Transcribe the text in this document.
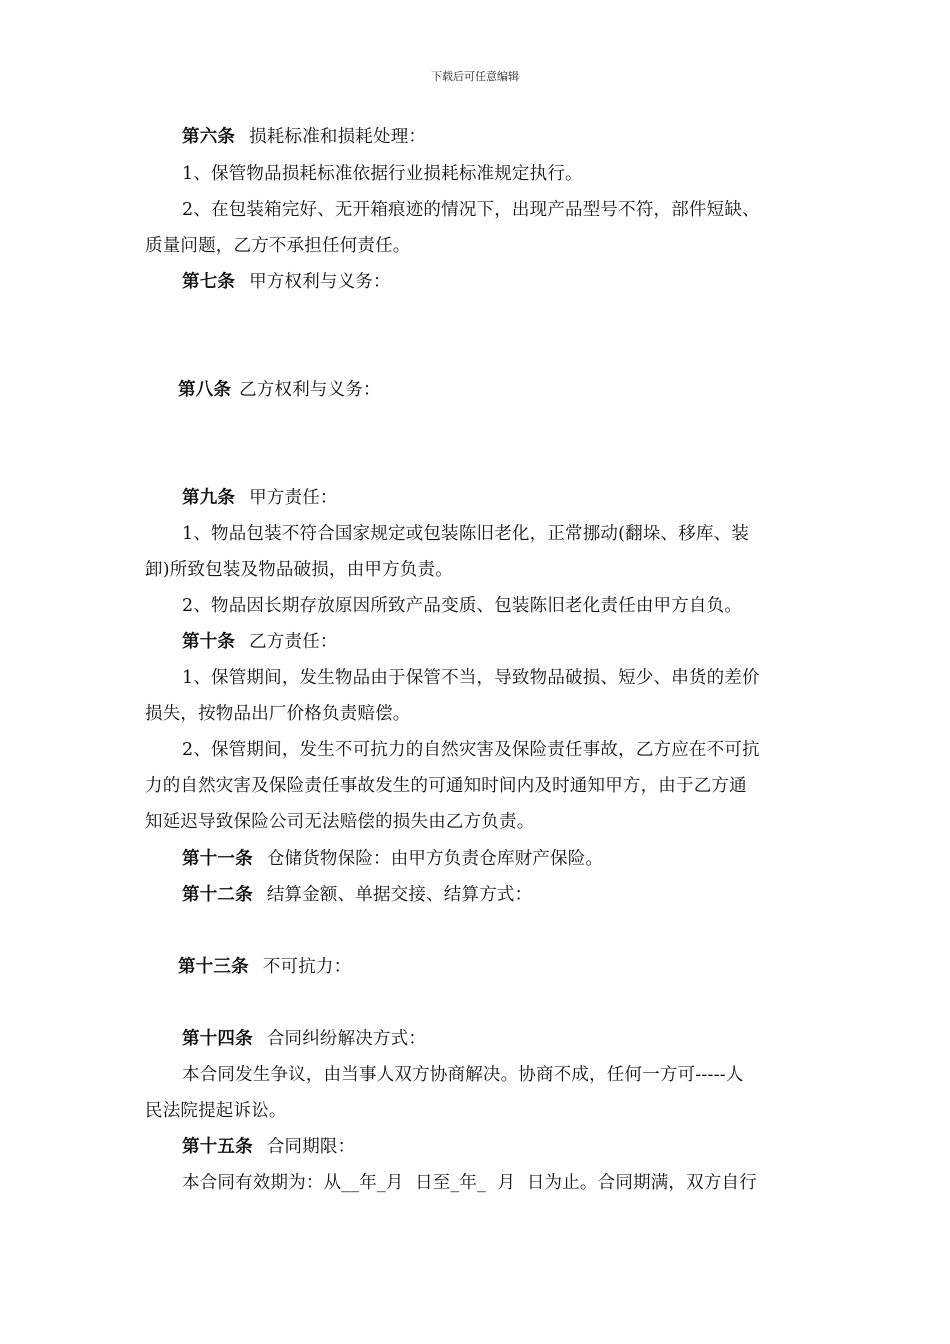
下载后可任意编辑
第六条 损耗标准和损耗处理：
1、保管物品损耗标准依据行业损耗标准规定执行。
2、在包装箱完好、无开箱痕迹的情况下，出现产品型号不符，部件短缺、
质量问题，乙方不承担任何责任。
第七条 甲方权利与义务：
第八条 乙方权利与义务：
第九条 甲方责任：
1、物品包装不符合国家规定或包装陈旧老化，正常挪动(翻垛、移库、装
卸)所致包装及物品破损，由甲方负责。
2、物品因长期存放原因所致产品变质、包装陈旧老化责任由甲方自负。
第十条 乙方责任：
1、保管期间，发生物品由于保管不当，导致物品破损、短少、串货的差价
损失，按物品出厂价格负责赔偿。
2、保管期间，发生不可抗力的自然灾害及保险责任事故，乙方应在不可抗
力的自然灾害及保险责任事故发生的可通知时间内及时通知甲方，由于乙方通
知延迟导致保险公司无法赔偿的损失由乙方负责。
第十一条 仓储货物保险：由甲方负责仓库财产保险。
第十二条 结算金额、单据交接、结算方式：
第十三条 不可抗力：
第十四条 合同纠纷解决方式：
本合同发生争议，由当事人双方协商解决。协商不成，任何一方可-----人
民法院提起诉讼。
第十五条 合同期限：
本合同有效期为：从__年_月  日至_年_  月  日为止。合同期满，双方自行
